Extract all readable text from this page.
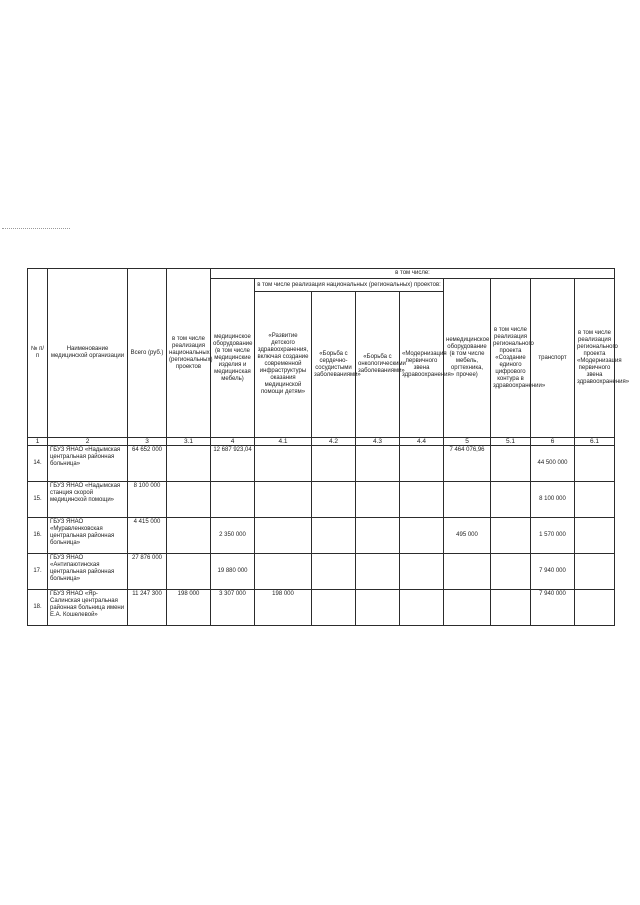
№ п/п	Наименование медицинской организации	Всего (руб.)	в том числе реализация национальных (региональных) проектов	в том числе:								
				медицинское оборудование (в том числе медицинские изделия и медицинская мебель)	в том числе реализация национальных (региональных) проектов:				немедицинское оборудование (в том числе мебель, оргтехника, прочее)	в том числе реализация регионального проекта «Создание единого цифрового контура в здравоохранении»	транспорт	в том числе реализация регионального проекта «Модернизация первичного звена здравоохранения»
					«Развитие детского здравоохранения, включая создание современной инфраструктуры оказания медицинской помощи детям»	«Борьба с сердечно-сосудистыми заболеваниями»	«Борьба с онкологическими заболеваниями»	«Модернизация первичного звена здравоохранения»				
1	2	3	3.1	4	4.1	4.2	4.3	4.4	5	5.1	6	6.1
14.	ГБУЗ ЯНАО «Надымская центральная районная больница»	64 652 000		12 687 923,04					7 464 076,96		44 500 000	
15.	ГБУЗ ЯНАО «Надымская станция скорой медицинской помощи»	8 100 000									8 100 000	
16.	ГБУЗ ЯНАО «Муравленковская центральная районная больница»	4 415 000		2 350 000					495 000		1 570 000	
17.	ГБУЗ ЯНАО «Антипаютинская центральная районная больница»	27 876 000		19 880 000							7 940 000	
18.	ГБУЗ ЯНАО «Яр-Салинская центральная районная больница имени Е.А. Кошелевой»	11 247 300	198 000	3 307 000	198 000						7 940 000	
